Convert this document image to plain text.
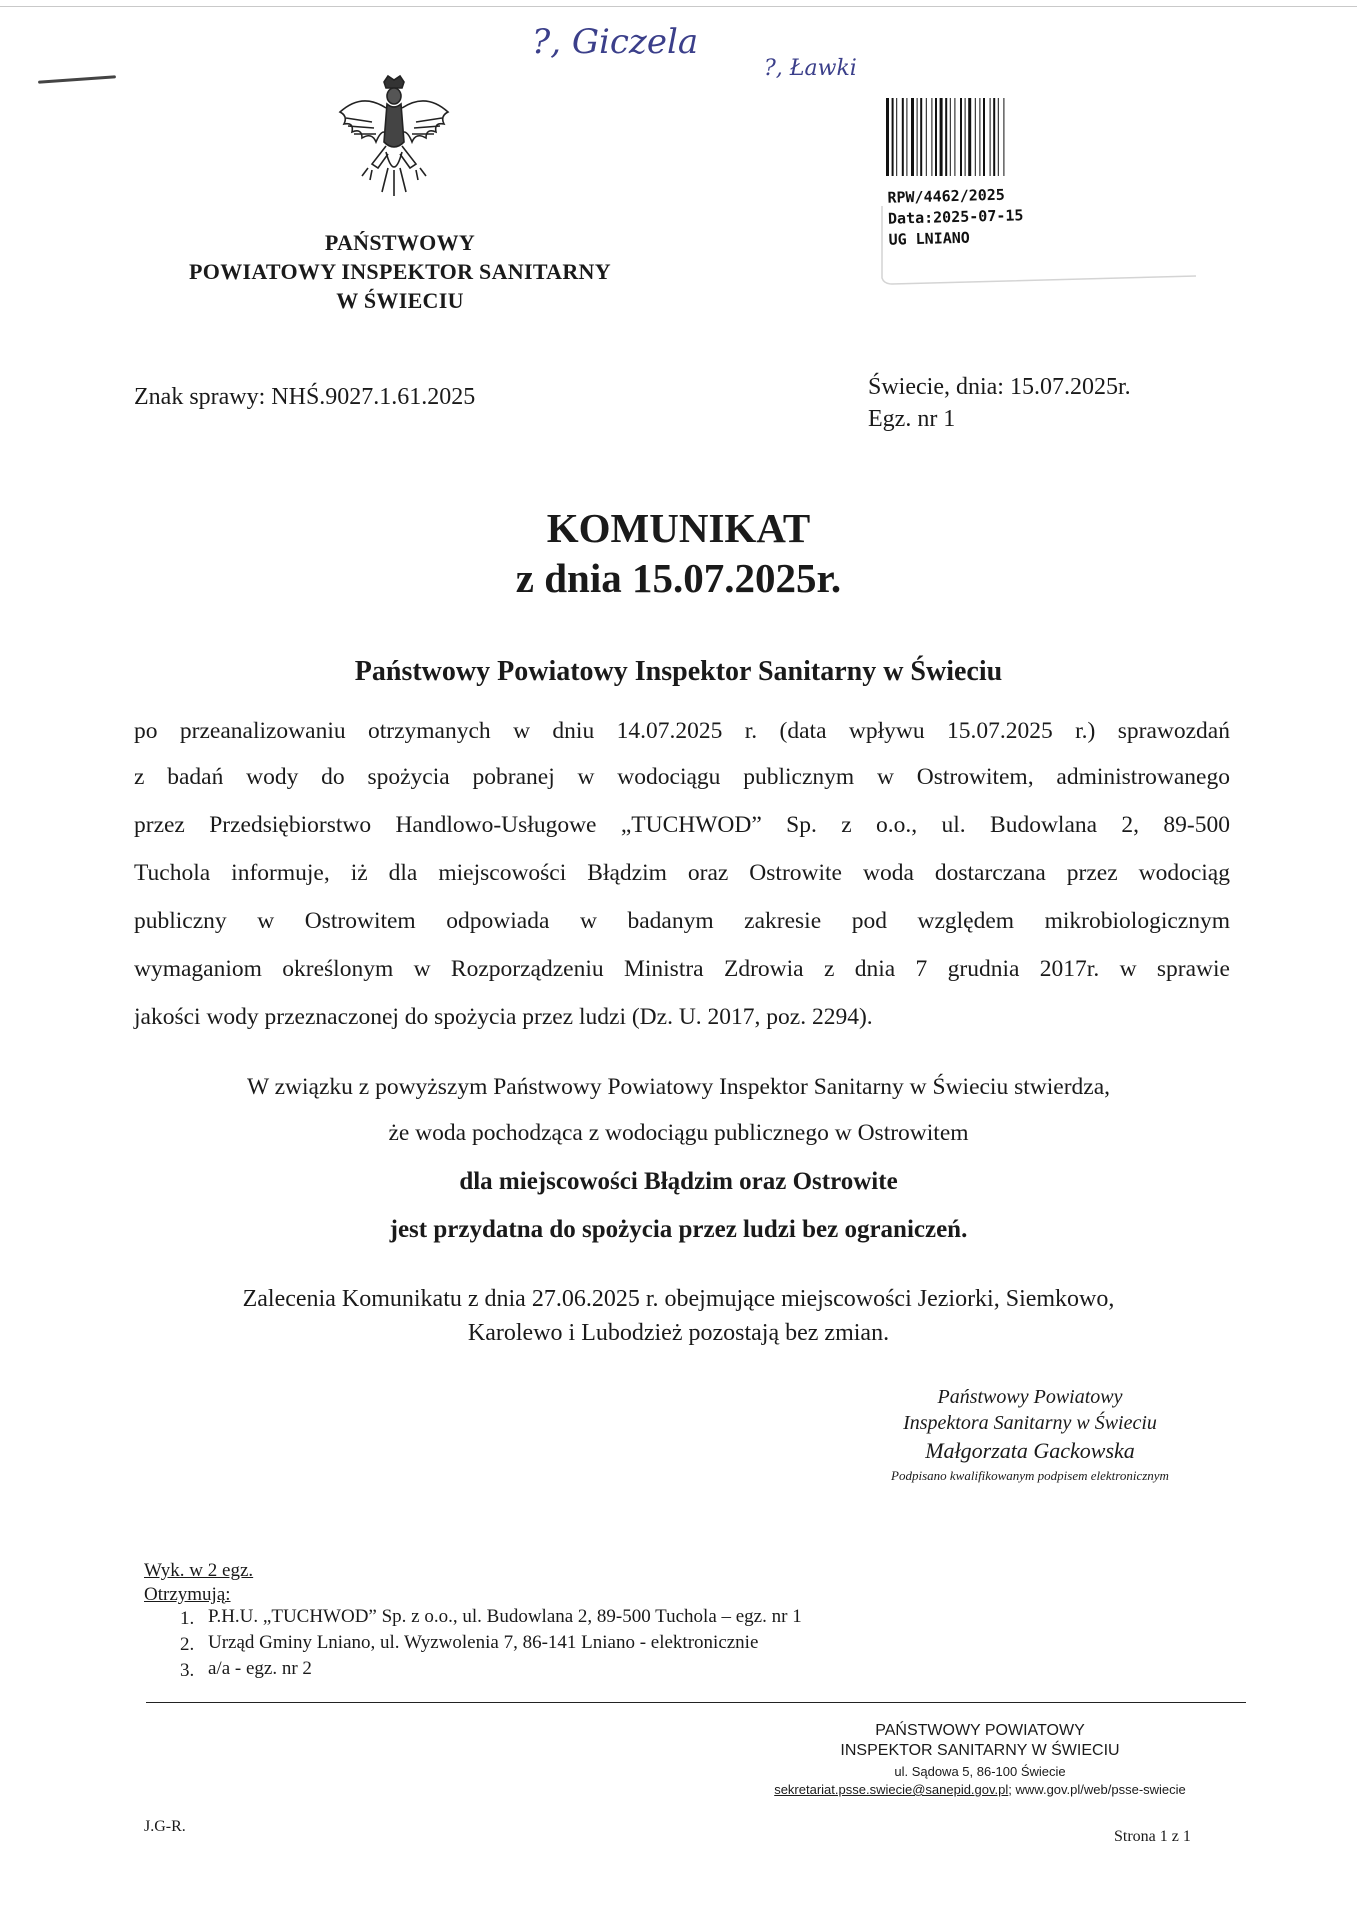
?, Giczela
?, Ławki
PAŃSTWOWY
POWIATOWY INSPEKTOR SANITARNY
W ŚWIECIU
RPW/4462/2025
Data:2025-07-15
UG LNIANO
Znak sprawy: NHŚ.9027.1.61.2025	Świecie, dnia: 15.07.2025r.
Egz. nr 1
KOMUNIKAT
z dnia 15.07.2025r.
Państwowy Powiatowy Inspektor Sanitarny w Świeciu
po przeanalizowaniu otrzymanych w dniu 14.07.2025 r. (data wpływu 15.07.2025 r.) sprawozdań
z badań wody do spożycia pobranej w wodociągu publicznym w Ostrowitem, administrowanego
przez Przedsiębiorstwo Handlowo-Usługowe „TUCHWOD” Sp. z o.o., ul. Budowlana 2, 89-500
Tuchola informuje, iż dla miejscowości Błądzim oraz Ostrowite woda dostarczana przez wodociąg
publiczny w Ostrowitem odpowiada w badanym zakresie pod względem mikrobiologicznym
wymaganiom określonym w Rozporządzeniu Ministra Zdrowia z dnia 7 grudnia 2017r. w sprawie
jakości wody przeznaczonej do spożycia przez ludzi (Dz. U. 2017, poz. 2294).
W związku z powyższym Państwowy Powiatowy Inspektor Sanitarny w Świeciu stwierdza,
że woda pochodząca z wodociągu publicznego w Ostrowitem
dla miejscowości Błądzim oraz Ostrowite
jest przydatna do spożycia przez ludzi bez ograniczeń.
Zalecenia Komunikatu z dnia 27.06.2025 r. obejmujące miejscowości Jeziorki, Siemkowo,
Karolewo i Lubodzież pozostają bez zmian.
Państwowy Powiatowy
Inspektora Sanitarny w Świeciu
Małgorzata Gackowska
Podpisano kwalifikowanym podpisem elektronicznym
Wyk. w 2 egz.
Otrzymują:
1. P.H.U. „TUCHWOD” Sp. z o.o., ul. Budowlana 2, 89-500 Tuchola – egz. nr 1
2. Urząd Gminy Lniano, ul. Wyzwolenia 7, 86-141 Lniano - elektronicznie
3. a/a - egz. nr 2
PAŃSTWOWY POWIATOWY
INSPEKTOR SANITARNY W ŚWIECIU
ul. Sądowa 5, 86-100 Świecie
sekretariat.psse.swiecie@sanepid.gov.pl; www.gov.pl/web/psse-swiecie
J.G-R.
Strona 1 z 1
